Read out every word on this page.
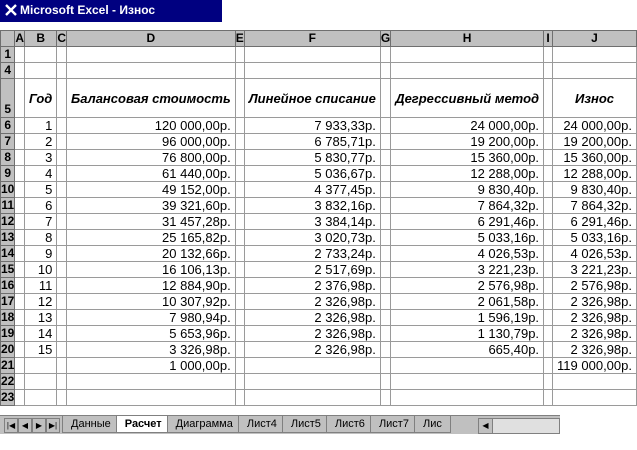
Microsoft Excel - Износ
	A	B	C	D	E	F	G	H	I	J
1										
4										
5		Год		Балансовая стоимость		Линейное списание		Дегрессивный метод		Износ
6		1		120 000,00р.		7 933,33р.		24 000,00р.		24 000,00р.
7		2		96 000,00р.		6 785,71р.		19 200,00р.		19 200,00р.
8		3		76 800,00р.		5 830,77р.		15 360,00р.		15 360,00р.
9		4		61 440,00р.		5 036,67р.		12 288,00р.		12 288,00р.
10		5		49 152,00р.		4 377,45р.		9 830,40р.		9 830,40р.
11		6		39 321,60р.		3 832,16р.		7 864,32р.		7 864,32р.
12		7		31 457,28р.		3 384,14р.		6 291,46р.		6 291,46р.
13		8		25 165,82р.		3 020,73р.		5 033,16р.		5 033,16р.
14		9		20 132,66р.		2 733,24р.		4 026,53р.		4 026,53р.
15		10		16 106,13р.		2 517,69р.		3 221,23р.		3 221,23р.
16		11		12 884,90р.		2 376,98р.		2 576,98р.		2 576,98р.
17		12		10 307,92р.		2 326,98р.		2 061,58р.		2 326,98р.
18		13		7 980,94р.		2 326,98р.		1 596,19р.		2 326,98р.
19		14		5 653,96р.		2 326,98р.		1 130,79р.		2 326,98р.
20		15		3 326,98р.		2 326,98р.		665,40р.		2 326,98р.
21				1 000,00р.						119 000,00р.
22										
23										
|◀ ◀ ▶ ▶|	Данные Расчет Диаграмма Лист4 Лист5 Лист6 Лист7 Лис	◀
